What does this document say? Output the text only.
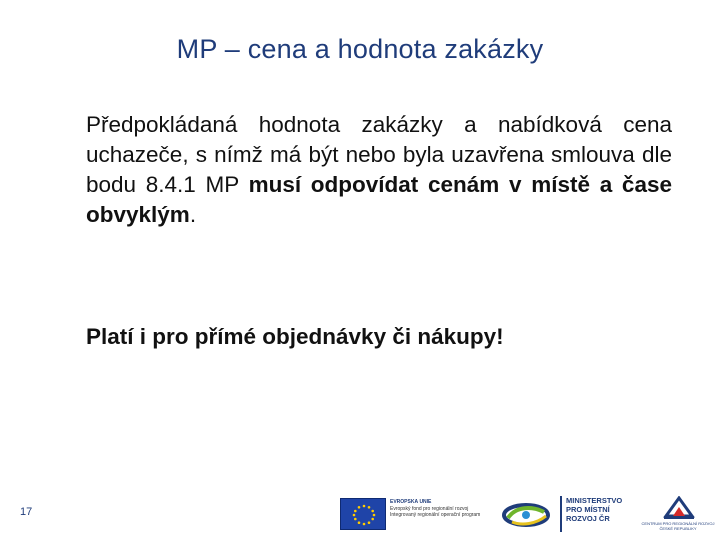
MP – cena a hodnota zakázky

Předpokládaná hodnota zakázky a nabídková cena uchazeče, s nímž má být nebo byla uzavřena smlouva dle bodu 8.4.1 MP musí odpovídat cenám v místě a čase obvyklým.

Platí i pro přímé objednávky či nákupy!

17
EVROPSKÁ UNIE
Evropský fond pro regionální rozvoj
Integrovaný regionální operační program
MINISTERSTVO
PRO MÍSTNÍ
ROZVOJ ČR
CENTRUM PRO REGIONÁLNÍ ROZVOJ
ČESKÉ REPUBLIKY
